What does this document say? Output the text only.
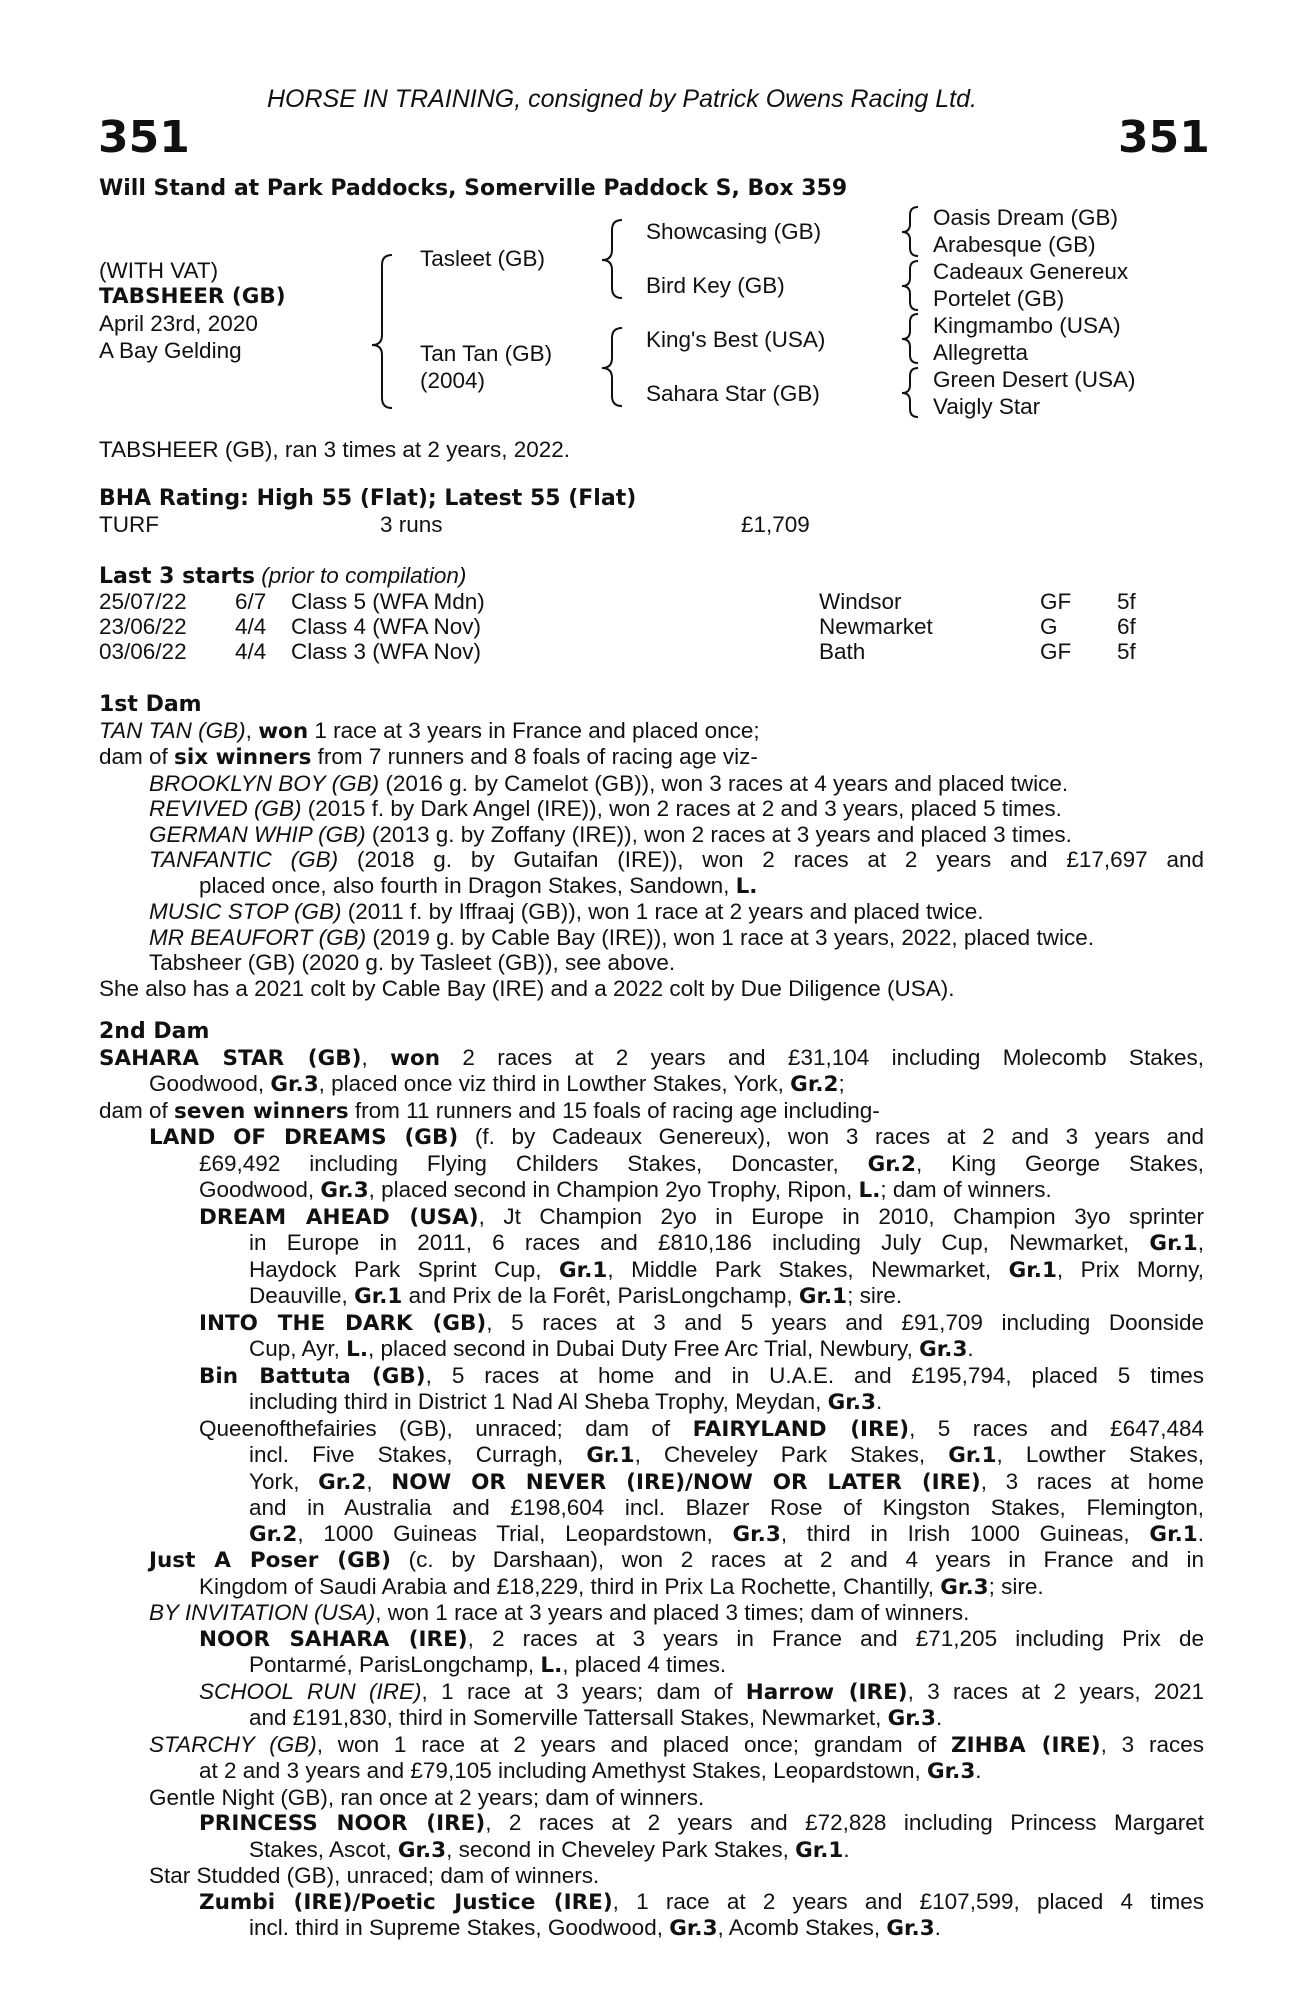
HORSE IN TRAINING, consigned by Patrick Owens Racing Ltd.
351	351
Will Stand at Park Paddocks, Somerville Paddock S, Box 359
(WITH VAT)
TABSHEER (GB)
April 23rd, 2020
A Bay Gelding
Tasleet (GB)
Tan Tan (GB)
(2004)
Showcasing (GB)
Bird Key (GB)
King's Best (USA)
Sahara Star (GB)
Oasis Dream (GB)
Arabesque (GB)
Cadeaux Genereux
Portelet (GB)
Kingmambo (USA)
Allegretta
Green Desert (USA)
Vaigly Star
TABSHEER (GB), ran 3 times at 2 years, 2022.
BHA Rating: High 55 (Flat); Latest 55 (Flat)
TURF	3 runs	£1,709
Last 3 starts (prior to compilation)
25/07/22 6/7 Class 5 (WFA Mdn)	Windsor	GF 5f
23/06/22 4/4 Class 4 (WFA Nov)	Newmarket	G	6f
03/06/22 4/4 Class 3 (WFA Nov)	Bath	GF 5f
1st Dam
TAN TAN (GB), won 1 race at 3 years in France and placed once;
dam of six winners from 7 runners and 8 foals of racing age viz-
BROOKLYN BOY (GB) (2016 g. by Camelot (GB)), won 3 races at 4 years and placed twice.
REVIVED (GB) (2015 f. by Dark Angel (IRE)), won 2 races at 2 and 3 years, placed 5 times.
GERMAN WHIP (GB) (2013 g. by Zoffany (IRE)), won 2 races at 3 years and placed 3 times.
TANFANTIC (GB) (2018 g. by Gutaifan (IRE)), won 2 races at 2 years and £17,697 and
placed once, also fourth in Dragon Stakes, Sandown, L.
MUSIC STOP (GB) (2011 f. by Iffraaj (GB)), won 1 race at 2 years and placed twice.
MR BEAUFORT (GB) (2019 g. by Cable Bay (IRE)), won 1 race at 3 years, 2022, placed twice.
Tabsheer (GB) (2020 g. by Tasleet (GB)), see above.
She also has a 2021 colt by Cable Bay (IRE) and a 2022 colt by Due Diligence (USA).
2nd Dam
SAHARA STAR (GB), won 2 races at 2 years and £31,104 including Molecomb Stakes,
Goodwood, Gr.3, placed once viz third in Lowther Stakes, York, Gr.2;
dam of seven winners from 11 runners and 15 foals of racing age including-
LAND OF DREAMS (GB) (f. by Cadeaux Genereux), won 3 races at 2 and 3 years and
£69,492 including Flying Childers Stakes, Doncaster, Gr.2, King George Stakes,
Goodwood, Gr.3, placed second in Champion 2yo Trophy, Ripon, L.; dam of winners.
DREAM AHEAD (USA), Jt Champion 2yo in Europe in 2010, Champion 3yo sprinter
in Europe in 2011, 6 races and £810,186 including July Cup, Newmarket, Gr.1,
Haydock Park Sprint Cup, Gr.1, Middle Park Stakes, Newmarket, Gr.1, Prix Morny,
Deauville, Gr.1 and Prix de la Forêt, ParisLongchamp, Gr.1; sire.
INTO THE DARK (GB), 5 races at 3 and 5 years and £91,709 including Doonside
Cup, Ayr, L., placed second in Dubai Duty Free Arc Trial, Newbury, Gr.3.
Bin Battuta (GB), 5 races at home and in U.A.E. and £195,794, placed 5 times
including third in District 1 Nad Al Sheba Trophy, Meydan, Gr.3.
Queenofthefairies (GB), unraced; dam of FAIRYLAND (IRE), 5 races and £647,484
incl. Five Stakes, Curragh, Gr.1, Cheveley Park Stakes, Gr.1, Lowther Stakes,
York, Gr.2, NOW OR NEVER (IRE)/NOW OR LATER (IRE), 3 races at home
and in Australia and £198,604 incl. Blazer Rose of Kingston Stakes, Flemington,
Gr.2, 1000 Guineas Trial, Leopardstown, Gr.3, third in Irish 1000 Guineas, Gr.1.
Just A Poser (GB) (c. by Darshaan), won 2 races at 2 and 4 years in France and in
Kingdom of Saudi Arabia and £18,229, third in Prix La Rochette, Chantilly, Gr.3; sire.
BY INVITATION (USA), won 1 race at 3 years and placed 3 times; dam of winners.
NOOR SAHARA (IRE), 2 races at 3 years in France and £71,205 including Prix de
Pontarmé, ParisLongchamp, L., placed 4 times.
SCHOOL RUN (IRE), 1 race at 3 years; dam of Harrow (IRE), 3 races at 2 years, 2021
and £191,830, third in Somerville Tattersall Stakes, Newmarket, Gr.3.
STARCHY (GB), won 1 race at 2 years and placed once; grandam of ZIHBA (IRE), 3 races
at 2 and 3 years and £79,105 including Amethyst Stakes, Leopardstown, Gr.3.
Gentle Night (GB), ran once at 2 years; dam of winners.
PRINCESS NOOR (IRE), 2 races at 2 years and £72,828 including Princess Margaret
Stakes, Ascot, Gr.3, second in Cheveley Park Stakes, Gr.1.
Star Studded (GB), unraced; dam of winners.
Zumbi (IRE)/Poetic Justice (IRE), 1 race at 2 years and £107,599, placed 4 times
incl. third in Supreme Stakes, Goodwood, Gr.3, Acomb Stakes, Gr.3.
